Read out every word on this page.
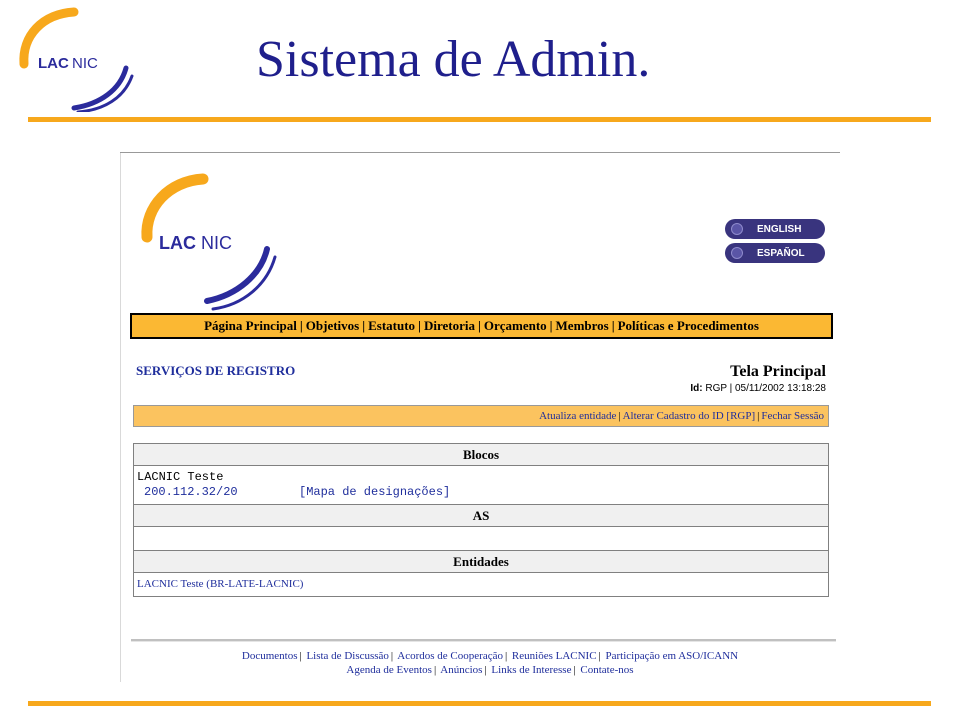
LAC NIC	Sistema de Admin.
LAC NIC
ENGLISH
ESPAÑOL
Página Principal | Objetivos | Estatuto | Diretoria | Orçamento | Membros | Políticas e Procedimentos
SERVIÇOS DE REGISTRO	Tela Principal
Id: RGP | 05/11/2002 13:18:28
Atualiza entidade | Alterar Cadastro do ID [RGP] | Fechar Sessão
Blocos
LACNIC Teste
200.112.32/20	[Mapa de designações]
AS
Entidades
LACNIC Teste (BR-LATE-LACNIC)
Documentos | Lista de Discussão | Acordos de Cooperação | Reuniões LACNIC | Participação em ASO/ICANN
Agenda de Eventos | Anúncios | Links de Interesse | Contate-nos
